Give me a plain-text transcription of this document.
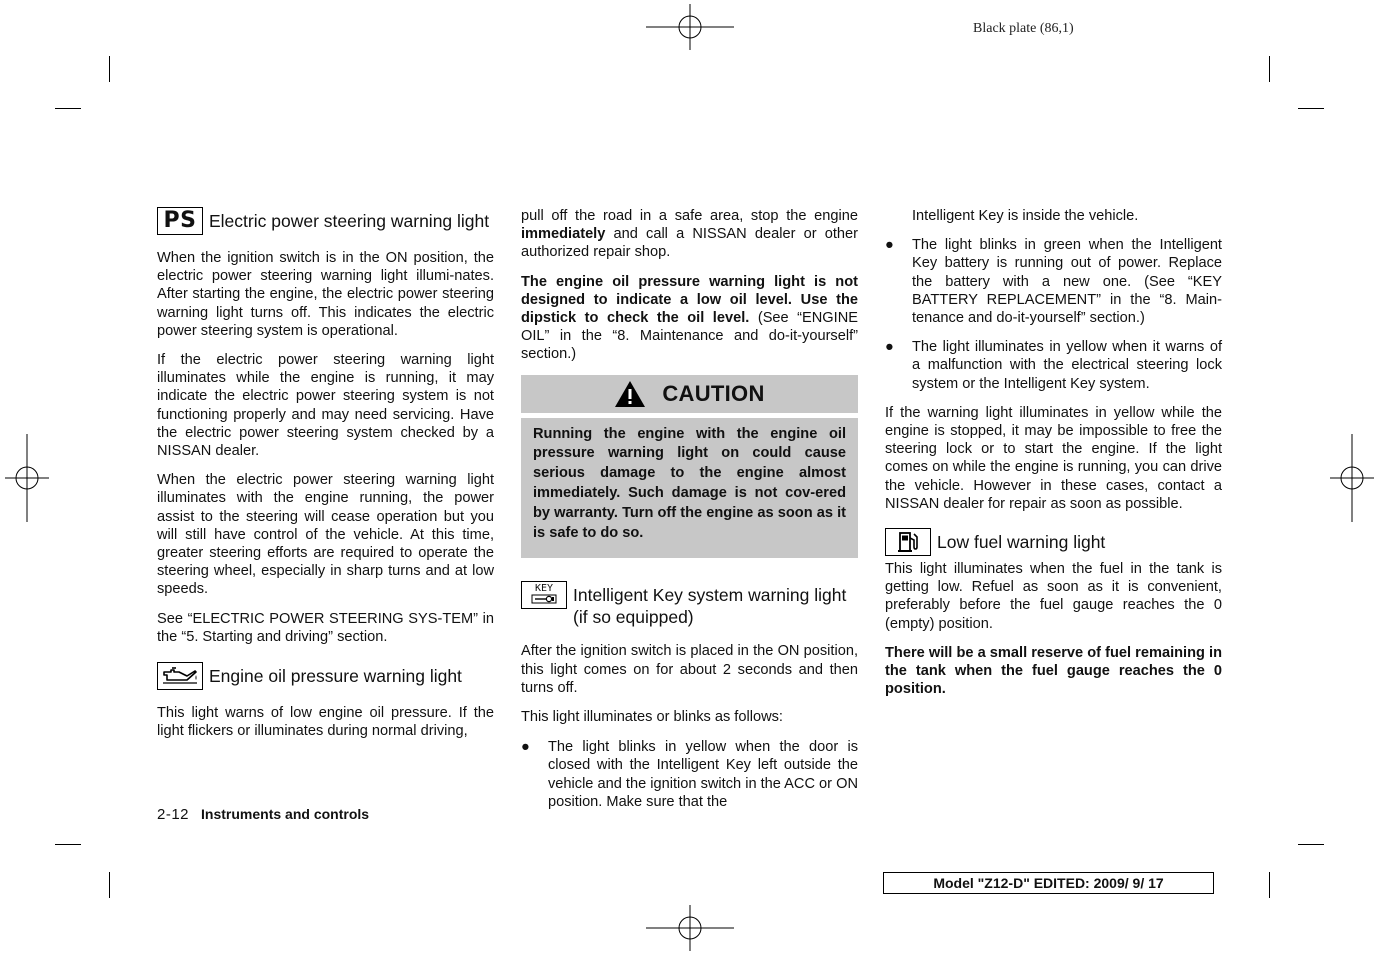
Black plate (86,1)
PS Electric power steering warning light

When the ignition switch is in the ON position, the electric power steering warning light illumi-nates. After starting the engine, the electric power steering warning light turns off. This indicates the electric power steering system is operational.

If the electric power steering warning light illuminates while the engine is running, it may indicate the electric power steering system is not functioning properly and may need servicing. Have the electric power steering system checked by a NISSAN dealer.

When the electric power steering warning light illuminates with the engine running, the power assist to the steering will cease operation but you will still have control of the vehicle. At this time, greater steering efforts are required to operate the steering wheel, especially in sharp turns and at low speeds.

See “ELECTRIC POWER STEERING SYS-TEM” in the “5. Starting and driving” section.

Engine oil pressure warning light

This light warns of low engine oil pressure. If the light flickers or illuminates during normal driving,

pull off the road in a safe area, stop the engine immediately and call a NISSAN dealer or other authorized repair shop.

The engine oil pressure warning light is not designed to indicate a low oil level. Use the dipstick to check the oil level. (See “ENGINE OIL” in the “8. Maintenance and do-it-yourself” section.)

CAUTION

Running the engine with the engine oil pressure warning light on could cause serious damage to the engine almost immediately. Such damage is not cov-ered by warranty. Turn off the engine as soon as it is safe to do so.

KEY Intelligent Key system warning light (if so equipped)

After the ignition switch is placed in the ON position, this light comes on for about 2 seconds and then turns off.

This light illuminates or blinks as follows:

● The light blinks in yellow when the door is closed with the Intelligent Key left outside the vehicle and the ignition switch in the ACC or ON position. Make sure that the

Intelligent Key is inside the vehicle.

● The light blinks in green when the Intelligent Key battery is running out of power. Replace the battery with a new one. (See “KEY BATTERY REPLACEMENT” in the “8. Main-tenance and do-it-yourself” section.)

● The light illuminates in yellow when it warns of a malfunction with the electrical steering lock system or the Intelligent Key system.

If the warning light illuminates in yellow while the engine is stopped, it may be impossible to free the steering lock or to start the engine. If the light comes on while the engine is running, you can drive the vehicle. However in these cases, contact a NISSAN dealer for repair as soon as possible.

Low fuel warning light

This light illuminates when the fuel in the tank is getting low. Refuel as soon as it is convenient, preferably before the fuel gauge reaches the 0 (empty) position.

There will be a small reserve of fuel remaining in the tank when the fuel gauge reaches the 0 position.

2-12 Instruments and controls
Model "Z12-D" EDITED: 2009/ 9/ 17
